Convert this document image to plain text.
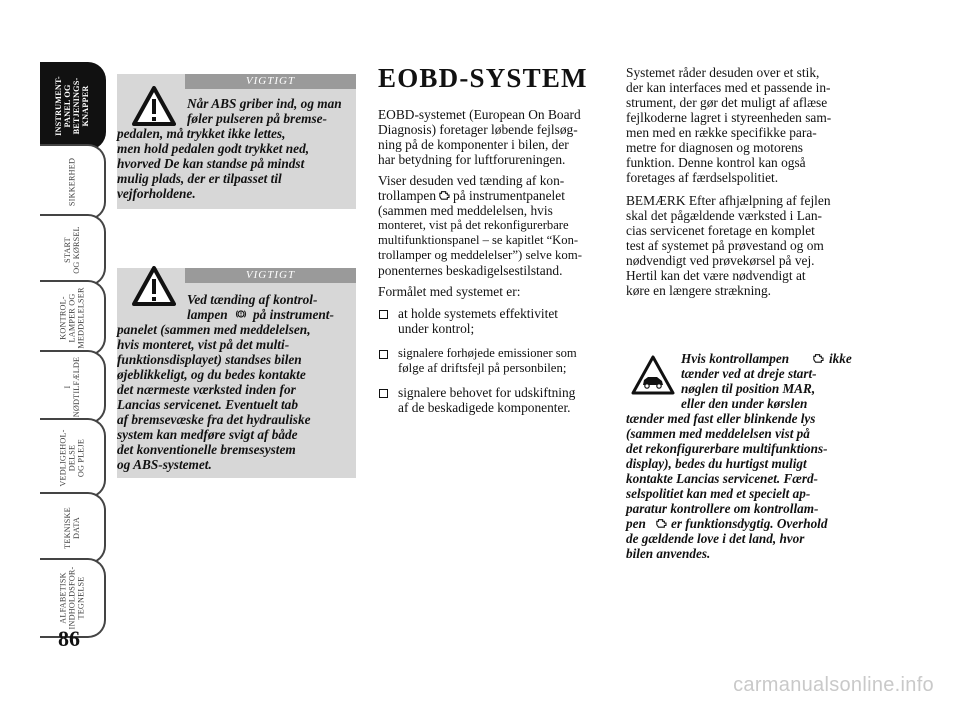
INSTRUMENT-
PANEL OG
BETJENINGS-
KNAPPER
SIKKERHED
START
OG KØRSEL
KONTROL-
LAMPER OG
MEDDELELSER
I
NØDTILFÆLDE
VEDLIGEHOL-
DELSE
OG PLEJE
TEKNISKE
DATA
ALFABETISK
INDHOLDSFOR-
TEGNELSE
86
VIGTIGT
Når ABS griber ind, og man
føler pulseren på bremse-
pedalen, må trykket ikke lettes,
men hold pedalen godt trykket ned,
hvorved De kan standse på mindst
mulig plads, der er tilpasset til
vejforholdene.
VIGTIGT
Ved tænding af kontrol-
lampen på instrument-
panelet (sammen med meddelelsen,
hvis monteret, vist på det multi-
funktionsdisplayet) standses bilen
øjeblikkeligt, og du bedes kontakte
det nærmeste værksted inden for
Lancias servicenet. Eventuelt tab
af bremsevæske fra det hydrauliske
system kan medføre svigt af både
det konventionelle bremsesystem
og ABS-systemet.
EOBD-SYSTEM
EOBD-systemet (European On Board
Diagnosis) foretager løbende fejlsøg-
ning på de komponenter i bilen, der
har betydning for luftforureningen.
Viser desuden ved tænding af kon-
trollampen på instrumentpanelet
(sammen med meddelelsen, hvis
monteret, vist på det rekonfigurerbare
multifunktionspanel – se kapitlet “Kon-
trollamper og meddelelser”) selve kom-
ponenternes beskadigelsestilstand.
Formålet med systemet er:
at holde systemets effektivitet
under kontrol;
signalere forhøjede emissioner som
følge af driftsfejl på personbilen;
signalere behovet for udskiftning
af de beskadigede komponenter.
Systemet råder desuden over et stik,
der kan interfaces med et passende in-
strument, der gør det muligt af aflæse
fejlkoderne lagret i styreenheden sam-
men med en række specifikke para-
metre for diagnosen og motorens
funktion. Denne kontrol kan også
foretages af færdselspolitiet.
BEMÆRK Efter afhjælpning af fejlen
skal det pågældende værksted i Lan-
cias servicenet foretage en komplet
test af systemet på prøvestand og om
nødvendigt ved prøvekørsel på vej.
Hertil kan det være nødvendigt at
køre en længere strækning.
Hvis kontrollampen	ikke
tænder ved at dreje start-
nøglen til position MAR,
eller den under kørslen
tænder med fast eller blinkende lys
(sammen med meddelelsen vist på
det rekonfigurerbare multifunktions-
display), bedes du hurtigst muligt
kontakte Lancias servicenet. Færd-
selspolitiet kan med et specielt ap-
paratur kontrollere om kontrollam-
pen er funktionsdygtig. Overhold
de gældende love i det land, hvor
bilen anvendes.
carmanualsonline.info
